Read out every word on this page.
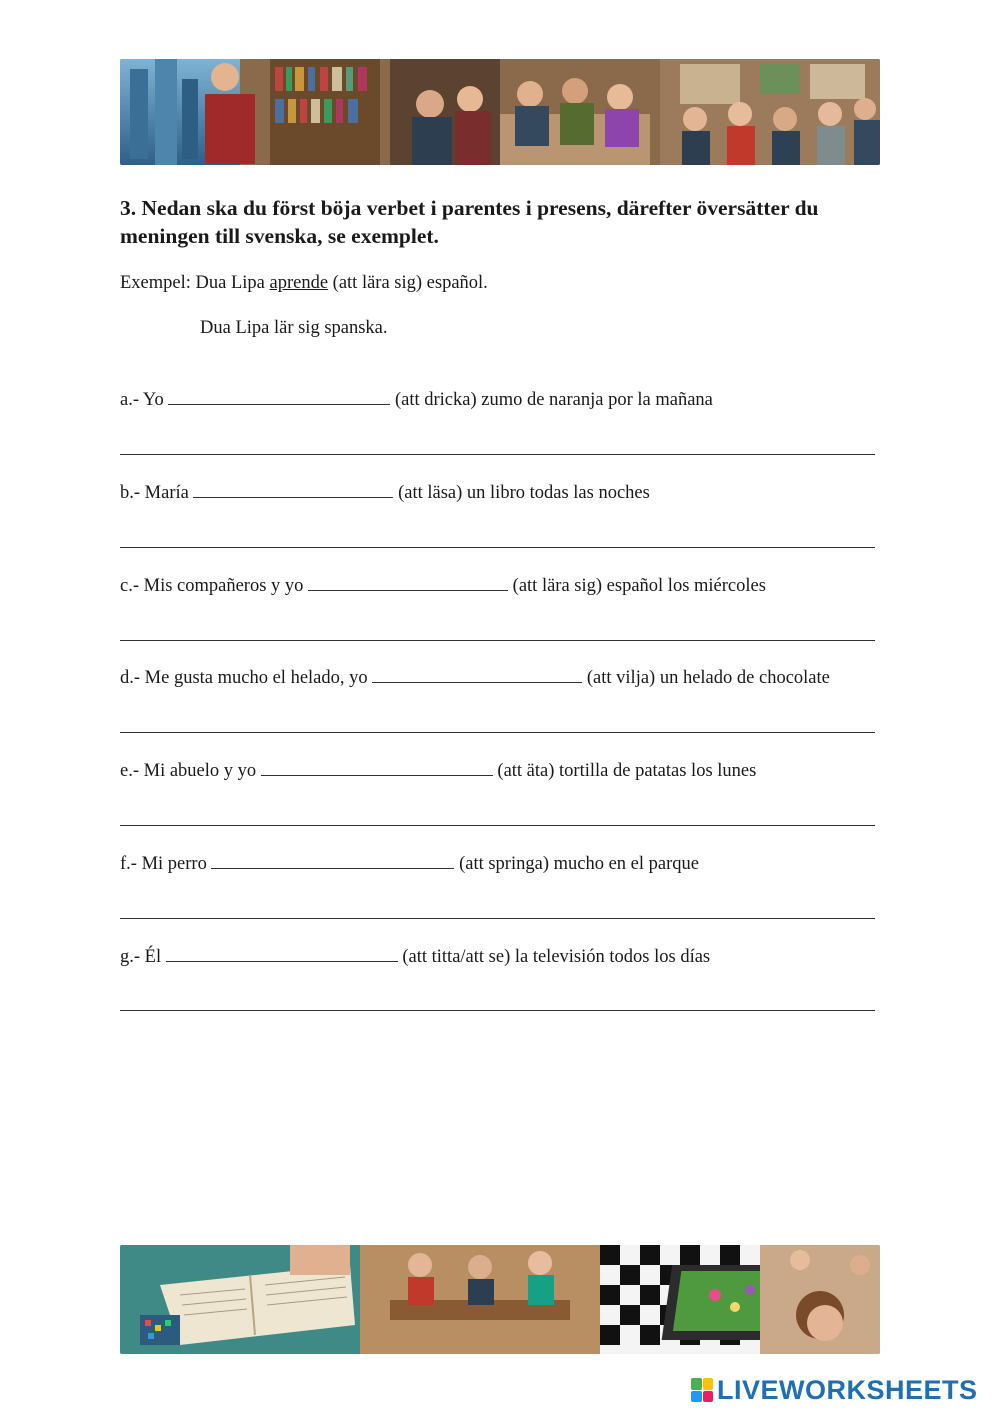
3. Nedan ska du först böja verbet i parentes i presens, därefter översätter du meningen till svenska, se exemplet.
Exempel: Dua Lipa aprende (att lära sig) español.
Dua Lipa lär sig spanska.
a.- Yo	(att dricka) zumo de naranja por la mañana
b.- María	(att läsa) un libro todas las noches
c.- Mis compañeros y yo	(att lära sig) español los miércoles
d.- Me gusta mucho el helado, yo	(att vilja) un helado de chocolate
e.- Mi abuelo y yo	(att äta) tortilla de patatas los lunes
f.- Mi perro	(att springa) mucho en el parque
g.- Él	(att titta/att se) la televisión todos los días
LIVEWORKSHEETS
